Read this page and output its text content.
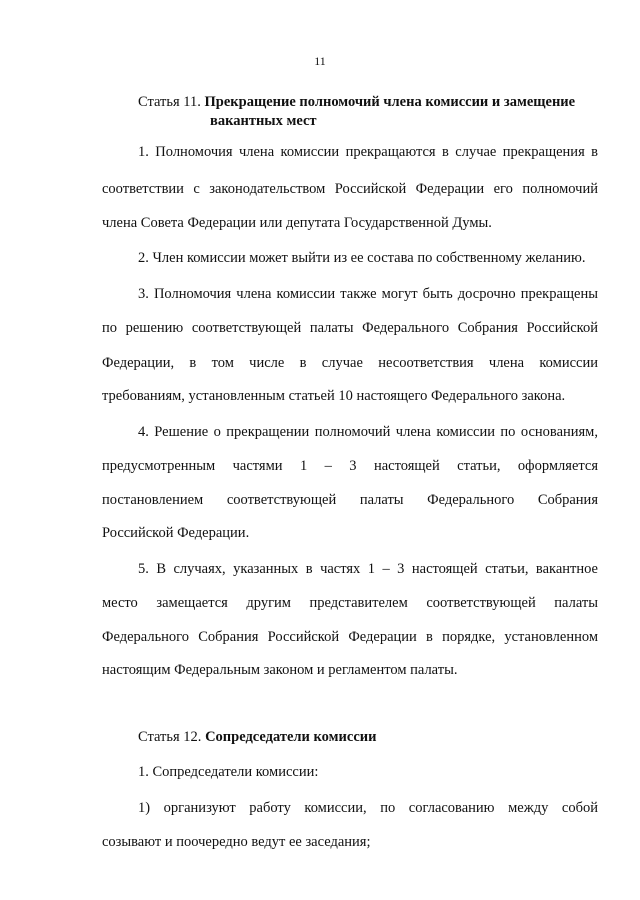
11
Статья 11. Прекращение полномочий члена комиссии и замещение
вакантных мест
1. Полномочия члена комиссии прекращаются в случае прекращения в
соответствии с законодательством Российской Федерации его полномочий
члена Совета Федерации или депутата Государственной Думы.
2. Член комиссии может выйти из ее состава по собственному желанию.
3. Полномочия члена комиссии также могут быть досрочно прекращены
по решению соответствующей палаты Федерального Собрания Российской
Федерации, в том числе в случае несоответствия члена комиссии
требованиям, установленным статьей 10 настоящего Федерального закона.
4. Решение о прекращении полномочий члена комиссии по основаниям,
предусмотренным частями 1 – 3 настоящей статьи, оформляется
постановлением соответствующей палаты Федерального Собрания
Российской Федерации.
5. В случаях, указанных в частях 1 – 3 настоящей статьи, вакантное
место замещается другим представителем соответствующей палаты
Федерального Собрания Российской Федерации в порядке, установленном
настоящим Федеральным законом и регламентом палаты.
Статья 12. Сопредседатели комиссии
1. Сопредседатели комиссии:
1) организуют работу комиссии, по согласованию между собой
созывают и поочередно ведут ее заседания;
